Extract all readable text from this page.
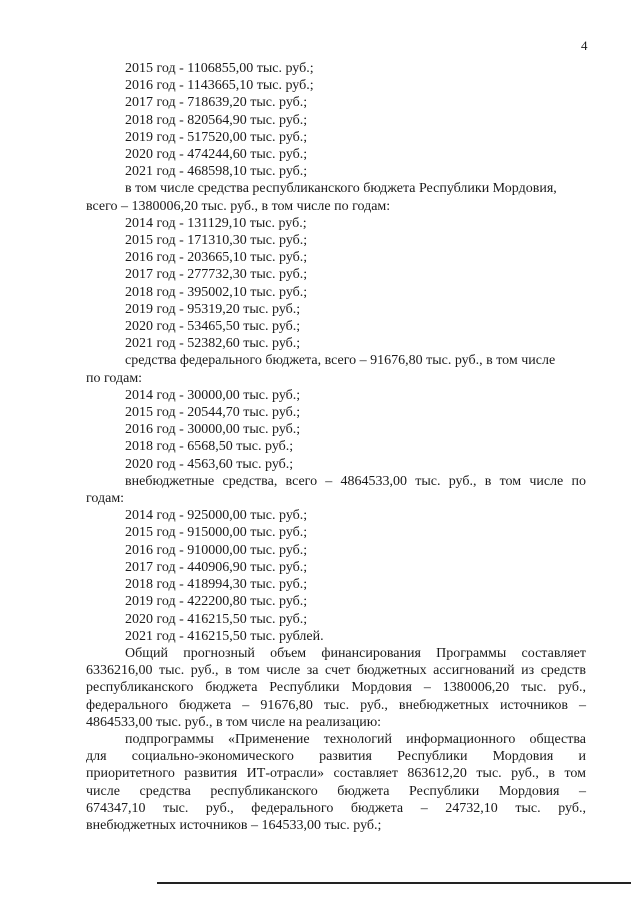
4
2015 год - 1106855,00 тыс. руб.;
2016 год - 1143665,10 тыс. руб.;
2017 год - 718639,20 тыс. руб.;
2018 год - 820564,90 тыс. руб.;
2019 год - 517520,00 тыс. руб.;
2020 год - 474244,60 тыс. руб.;
2021 год - 468598,10 тыс. руб.;
в том числе средства республиканского бюджета Республики Мордовия,
всего – 1380006,20 тыс. руб., в том числе по годам:
2014 год - 131129,10 тыс. руб.;
2015 год - 171310,30 тыс. руб.;
2016 год - 203665,10 тыс. руб.;
2017 год - 277732,30 тыс. руб.;
2018 год - 395002,10 тыс. руб.;
2019 год - 95319,20 тыс. руб.;
2020 год - 53465,50 тыс. руб.;
2021 год - 52382,60 тыс. руб.;
средства федерального бюджета, всего – 91676,80 тыс. руб., в том числе
по годам:
2014 год - 30000,00 тыс. руб.;
2015 год - 20544,70 тыс. руб.;
2016 год - 30000,00 тыс. руб.;
2018 год - 6568,50 тыс. руб.;
2020 год - 4563,60 тыс. руб.;
внебюджетные средства, всего – 4864533,00 тыс. руб., в том числе по
годам:
2014 год - 925000,00 тыс. руб.;
2015 год - 915000,00 тыс. руб.;
2016 год - 910000,00 тыс. руб.;
2017 год - 440906,90 тыс. руб.;
2018 год - 418994,30 тыс. руб.;
2019 год - 422200,80 тыс. руб.;
2020 год - 416215,50 тыс. руб.;
2021 год - 416215,50 тыс. рублей.
Общий прогнозный объем финансирования Программы составляет
6336216,00 тыс. руб., в том числе за счет бюджетных ассигнований из средств
республиканского бюджета Республики Мордовия – 1380006,20 тыс. руб.,
федерального бюджета – 91676,80 тыс. руб., внебюджетных источников –
4864533,00 тыс. руб., в том числе на реализацию:
подпрограммы «Применение технологий информационного общества
для социально-экономического развития Республики Мордовия и
приоритетного развития ИТ-отрасли» составляет 863612,20 тыс. руб., в том
числе средства республиканского бюджета Республики Мордовия –
674347,10 тыс. руб., федерального бюджета – 24732,10 тыс. руб.,
внебюджетных источников – 164533,00 тыс. руб.;
